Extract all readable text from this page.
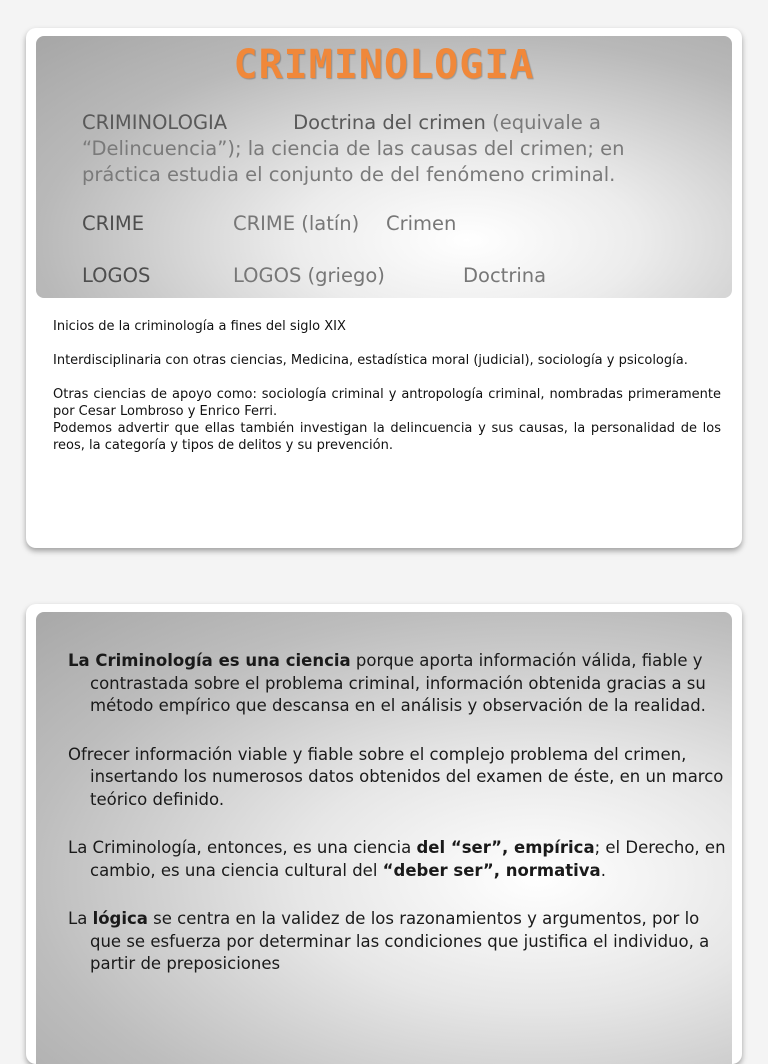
CRIMINOLOGIA
CRIMINOLOGIA	Doctrina del crimen (equivale a “Delincuencia”); la ciencia de las causas del crimen; en práctica estudia el conjunto de del fenómeno criminal.
CRIME	CRIME (latín) Crimen
LOGOS	LOGOS (griego)	Doctrina

Inicios de la criminología a fines del siglo XIX

Interdisciplinaria con otras ciencias, Medicina, estadística moral (judicial), sociología y psicología.

Otras ciencias de apoyo como: sociología criminal y antropología criminal, nombradas primeramente por Cesar Lombroso y Enrico Ferri.

Podemos advertir que ellas también investigan la delincuencia y sus causas, la personalidad de los reos, la categoría y tipos de delitos y su prevención.

La Criminología es una ciencia porque aporta información válida, fiable y contrastada sobre el problema criminal, información obtenida gracias a su método empírico que descansa en el análisis y observación de la realidad.

Ofrecer información viable y fiable sobre el complejo problema del crimen, insertando los numerosos datos obtenidos del examen de éste, en un marco teórico definido.

La Criminología, entonces, es una ciencia del “ser”, empírica; el Derecho, en cambio, es una ciencia cultural del “deber ser”, normativa.

La lógica se centra en la validez de los razonamientos y argumentos, por lo que se esfuerza por determinar las condiciones que justifica el individuo, a partir de preposiciones
